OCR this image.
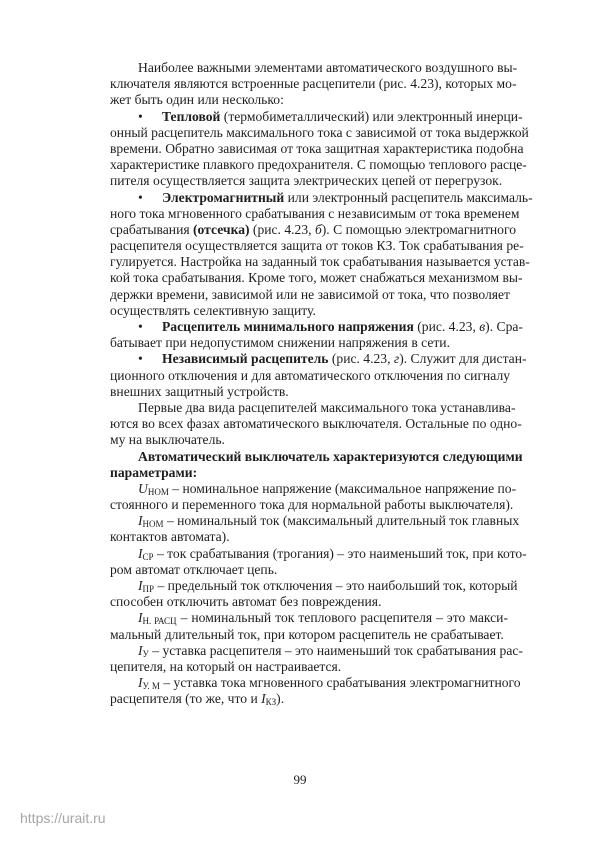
Наиболее важными элементами автоматического воздушного вы-
ключателя являются встроенные расцепители (рис. 4.23), которых мо-
жет быть один или несколько:
• Тепловой (термобиметаллический) или электронный инерци-
онный расцепитель максимального тока с зависимой от тока выдержкой
времени. Обратно зависимая от тока защитная характеристика подобна
характеристике плавкого предохранителя. С помощью теплового расце-
пителя осуществляется защита электрических цепей от перегрузок.
• Электромагнитный или электронный расцепитель максималь-
ного тока мгновенного срабатывания с независимым от тока временем
срабатывания (отсечка) (рис. 4.23, б). С помощью электромагнитного
расцепителя осуществляется защита от токов КЗ. Ток срабатывания ре-
гулируется. Настройка на заданный ток срабатывания называется устав-
кой тока срабатывания. Кроме того, может снабжаться механизмом вы-
держки времени, зависимой или не зависимой от тока, что позволяет
осуществлять селективную защиту.
• Расцепитель минимального напряжения (рис. 4.23, в). Сра-
батывает при недопустимом снижении напряжения в сети.
• Независимый расцепитель (рис. 4.23, г). Служит для дистан-
ционного отключения и для автоматического отключения по сигналу
внешних защитный устройств.
Первые два вида расцепителей максимального тока устанавлива-
ются во всех фазах автоматического выключателя. Остальные по одно-
му на выключатель.
Автоматический выключатель характеризуются следующими
параметрами:
$U_{НОМ}$ – номинальное напряжение (максимальное напряжение по-
стоянного и переменного тока для нормальной работы выключателя).
$I_{НОМ}$ – номинальный ток (максимальный длительный ток главных
контактов автомата).
$I_{СР}$ – ток срабатывания (трогания) – это наименьший ток, при кото-
ром автомат отключает цепь.
$I_{ПР}$ – предельный ток отключения – это наибольший ток, который
способен отключить автомат без повреждения.
$I_{Н. РАСЦ}$ – номинальный ток теплового расцепителя – это макси-
мальный длительный ток, при котором расцепитель не срабатывает.
$I_У$ – уставка расцепителя – это наименьший ток срабатывания рас-
цепителя, на который он настраивается.
$I_{У. М}$ – уставка тока мгновенного срабатывания электромагнитного
расцепителя (то же, что и $I_{КЗ}$).
99
https://urait.ru
